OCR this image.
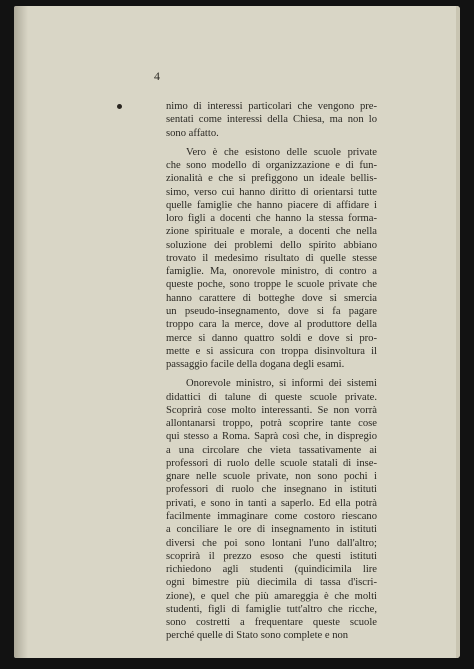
4
nimo di interessi particolari che vengono pre-
sentati come interessi della Chiesa, ma non lo
sono affatto.
Vero è che esistono delle scuole private
che sono modello di organizzazione e di fun-
zionalità e che si prefiggono un ideale bellis-
simo, verso cui hanno diritto di orientarsi tutte
quelle famiglie che hanno piacere di affidare i
loro figli a docenti che hanno la stessa forma-
zione spirituale e morale, a docenti che nella
soluzione dei problemi dello spirito abbiano
trovato il medesimo risultato di quelle stesse
famiglie. Ma, onorevole ministro, di contro a
queste poche, sono troppe le scuole private che
hanno carattere di botteghe dove si smercia
un pseudo-insegnamento, dove si fa pagare
troppo cara la merce, dove al produttore della
merce si danno quattro soldi e dove si pro-
mette e si assicura con troppa disinvoltura il
passaggio facile della dogana degli esami.
Onorevole ministro, si informi dei sistemi
didattici di talune di queste scuole private.
Scoprirà cose molto interessanti. Se non vorrà
allontanarsi troppo, potrà scoprire tante cose
qui stesso a Roma. Saprà così che, in dispregio
a una circolare che vieta tassativamente ai
professori di ruolo delle scuole statali di inse-
gnare nelle scuole private, non sono pochi i
professori di ruolo che insegnano in istituti
privati, e sono in tanti a saperlo. Ed ella potrà
facilmente immaginare come costoro riescano
a conciliare le ore di insegnamento in istituti
diversi che poi sono lontani l'uno dall'altro;
scoprirà il prezzo esoso che questi istituti
richiedono agli studenti (quindicimila lire
ogni bimestre più diecimila di tassa d'iscri-
zione), e quel che più amareggia è che molti
studenti, figli di famiglie tutt'altro che ricche,
sono costretti a frequentare queste scuole
perché quelle di Stato sono complete e non
